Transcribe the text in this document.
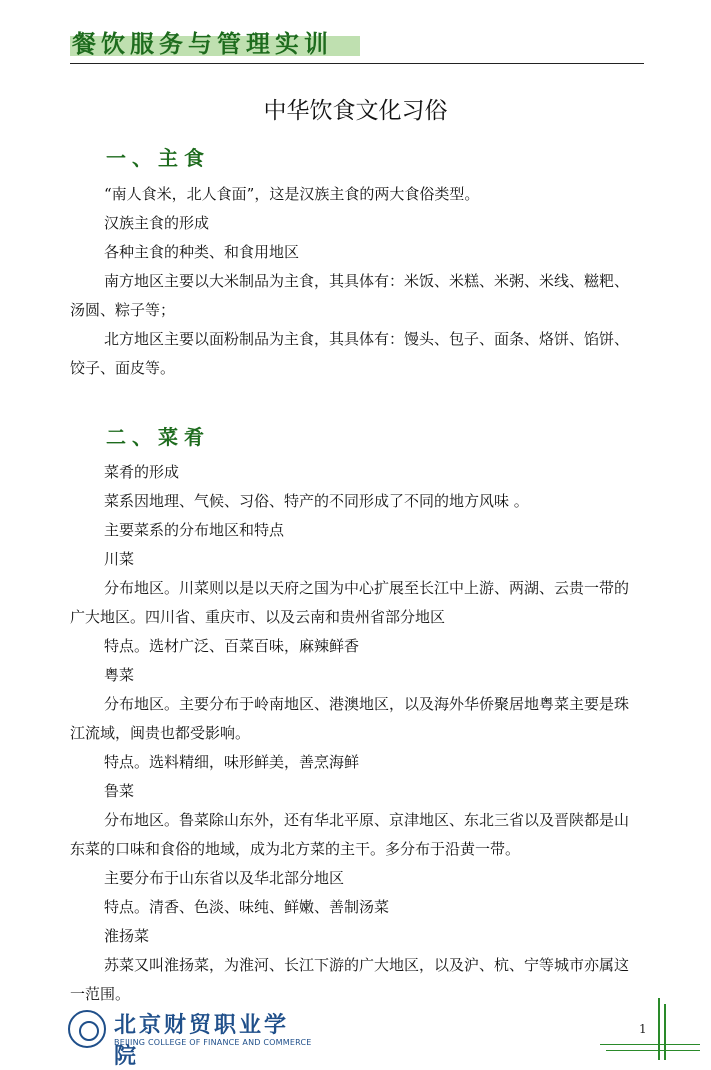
餐饮服务与管理实训
中华饮食文化习俗
一、主食

“南人食米，北人食面”，这是汉族主食的两大食俗类型。

汉族主食的形成

各种主食的种类、和食用地区

南方地区主要以大米制品为主食，其具体有：米饭、米糕、米粥、米线、糍粑、汤圆、粽子等；

北方地区主要以面粉制品为主食，其具体有：馒头、包子、面条、烙饼、馅饼、饺子、面皮等。

二、菜肴

菜肴的形成

菜系因地理、气候、习俗、特产的不同形成了不同的地方风味 。

主要菜系的分布地区和特点

川菜

分布地区。川菜则以是以天府之国为中心扩展至长江中上游、两湖、云贵一带的广大地区。四川省、重庆市、以及云南和贵州省部分地区

特点。选材广泛、百菜百味，麻辣鲜香

粤菜

分布地区。主要分布于岭南地区、港澳地区，以及海外华侨聚居地粤菜主要是珠江流域，闽贵也都受影响。

特点。选料精细，味形鲜美，善烹海鲜

鲁菜

分布地区。鲁菜除山东外，还有华北平原、京津地区、东北三省以及晋陕都是山东菜的口味和食俗的地域，成为北方菜的主干。多分布于沿黄一带。

主要分布于山东省以及华北部分地区

特点。清香、色淡、味纯、鲜嫩、善制汤菜

淮扬菜

苏菜又叫淮扬菜，为淮河、长江下游的广大地区，以及沪、杭、宁等城市亦属这一范围。

北京财贸职业学院
BEIJING COLLEGE OF FINANCE AND COMMERCE
1
